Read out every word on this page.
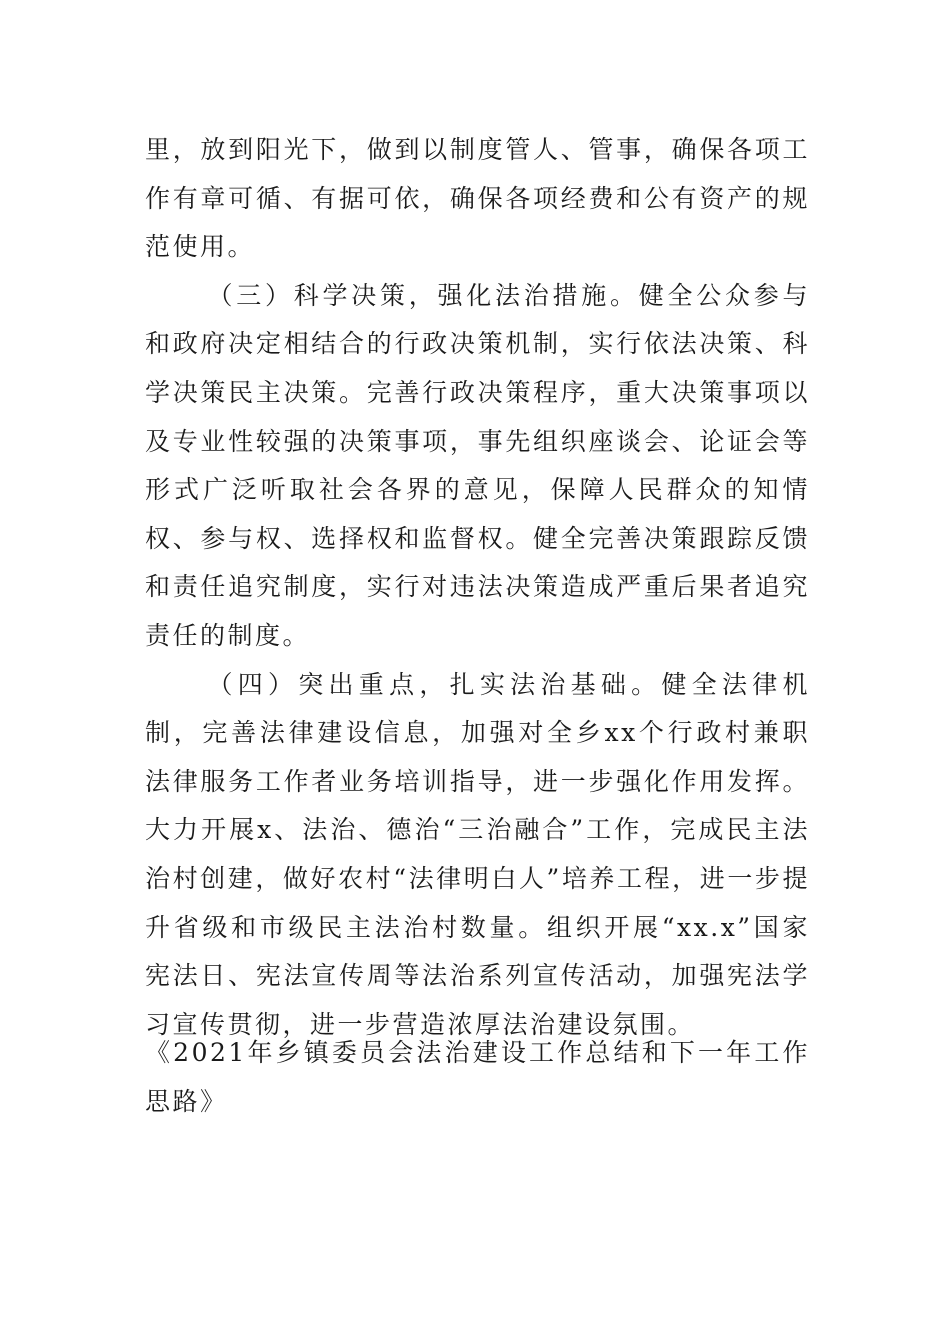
里，放到阳光下，做到以制度管人、管事，确保各项工作有章可循、有据可依，确保各项经费和公有资产的规范使用。

（三）科学决策，强化法治措施。健全公众参与和政府决定相结合的行政决策机制，实行依法决策、科学决策民主决策。完善行政决策程序，重大决策事项以及专业性较强的决策事项，事先组织座谈会、论证会等形式广泛听取社会各界的意见，保障人民群众的知情权、参与权、选择权和监督权。健全完善决策跟踪反馈和责任追究制度，实行对违法决策造成严重后果者追究责任的制度。

（四）突出重点，扎实法治基础。健全法律机制，完善法律建设信息，加强对全乡xx个行政村兼职法律服务工作者业务培训指导，进一步强化作用发挥。大力开展x、法治、德治“三治融合”工作，完成民主法治村创建，做好农村“法律明白人”培养工程，进一步提升省级和市级民主法治村数量。组织开展“xx.x”国家宪法日、宪法宣传周等法治系列宣传活动，加强宪法学习宣传贯彻，进一步营造浓厚法治建设氛围。

《2021年乡镇委员会法治建设工作总结和下一年工作思路》
